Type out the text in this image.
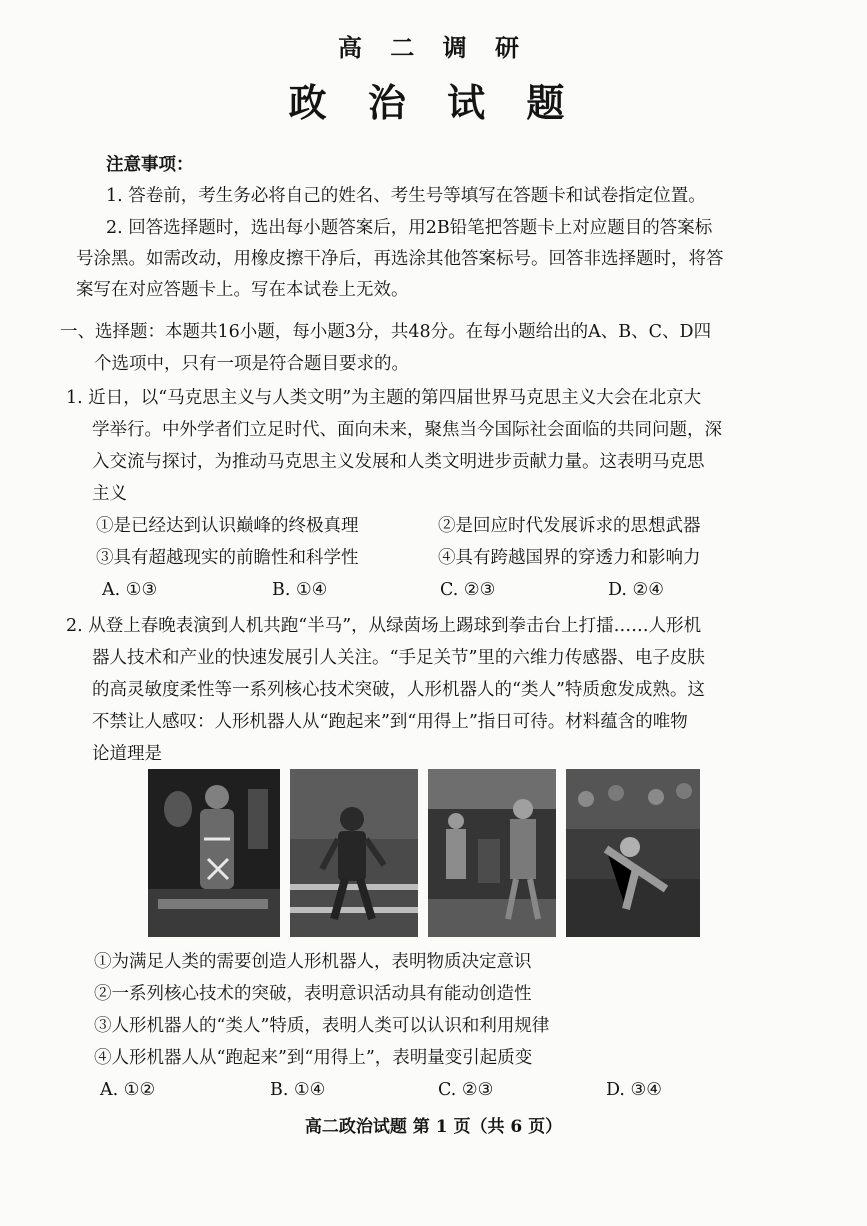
高 二 调 研
政 治 试 题
注意事项：
1. 答卷前，考生务必将自己的姓名、考生号等填写在答题卡和试卷指定位置。
2. 回答选择题时，选出每小题答案后，用2B铅笔把答题卡上对应题目的答案标
号涂黑。如需改动，用橡皮擦干净后，再选涂其他答案标号。回答非选择题时，将答
案写在对应答题卡上。写在本试卷上无效。
一、选择题：本题共16小题，每小题3分，共48分。在每小题给出的A、B、C、D四
个选项中，只有一项是符合题目要求的。
1. 近日，以“马克思主义与人类文明”为主题的第四届世界马克思主义大会在北京大
学举行。中外学者们立足时代、面向未来，聚焦当今国际社会面临的共同问题，深
入交流与探讨，为推动马克思主义发展和人类文明进步贡献力量。这表明马克思
主义
①是已经达到认识巅峰的终极真理	②是回应时代发展诉求的思想武器
③具有超越现实的前瞻性和科学性	④具有跨越国界的穿透力和影响力
A. ①③	B. ①④	C. ②③	D. ②④
2. 从登上春晚表演到人机共跑“半马”，从绿茵场上踢球到拳击台上打擂……人形机
器人技术和产业的快速发展引人关注。“手足关节”里的六维力传感器、电子皮肤
的高灵敏度柔性等一系列核心技术突破，人形机器人的“类人”特质愈发成熟。这
不禁让人感叹：人形机器人从“跑起来”到“用得上”指日可待。材料蕴含的唯物
论道理是
①为满足人类的需要创造人形机器人，表明物质决定意识
②一系列核心技术的突破，表明意识活动具有能动创造性
③人形机器人的“类人”特质，表明人类可以认识和利用规律
④人形机器人从“跑起来”到“用得上”，表明量变引起质变
A. ①②	B. ①④	C. ②③	D. ③④
高二政治试题 第 1 页（共 6 页）
